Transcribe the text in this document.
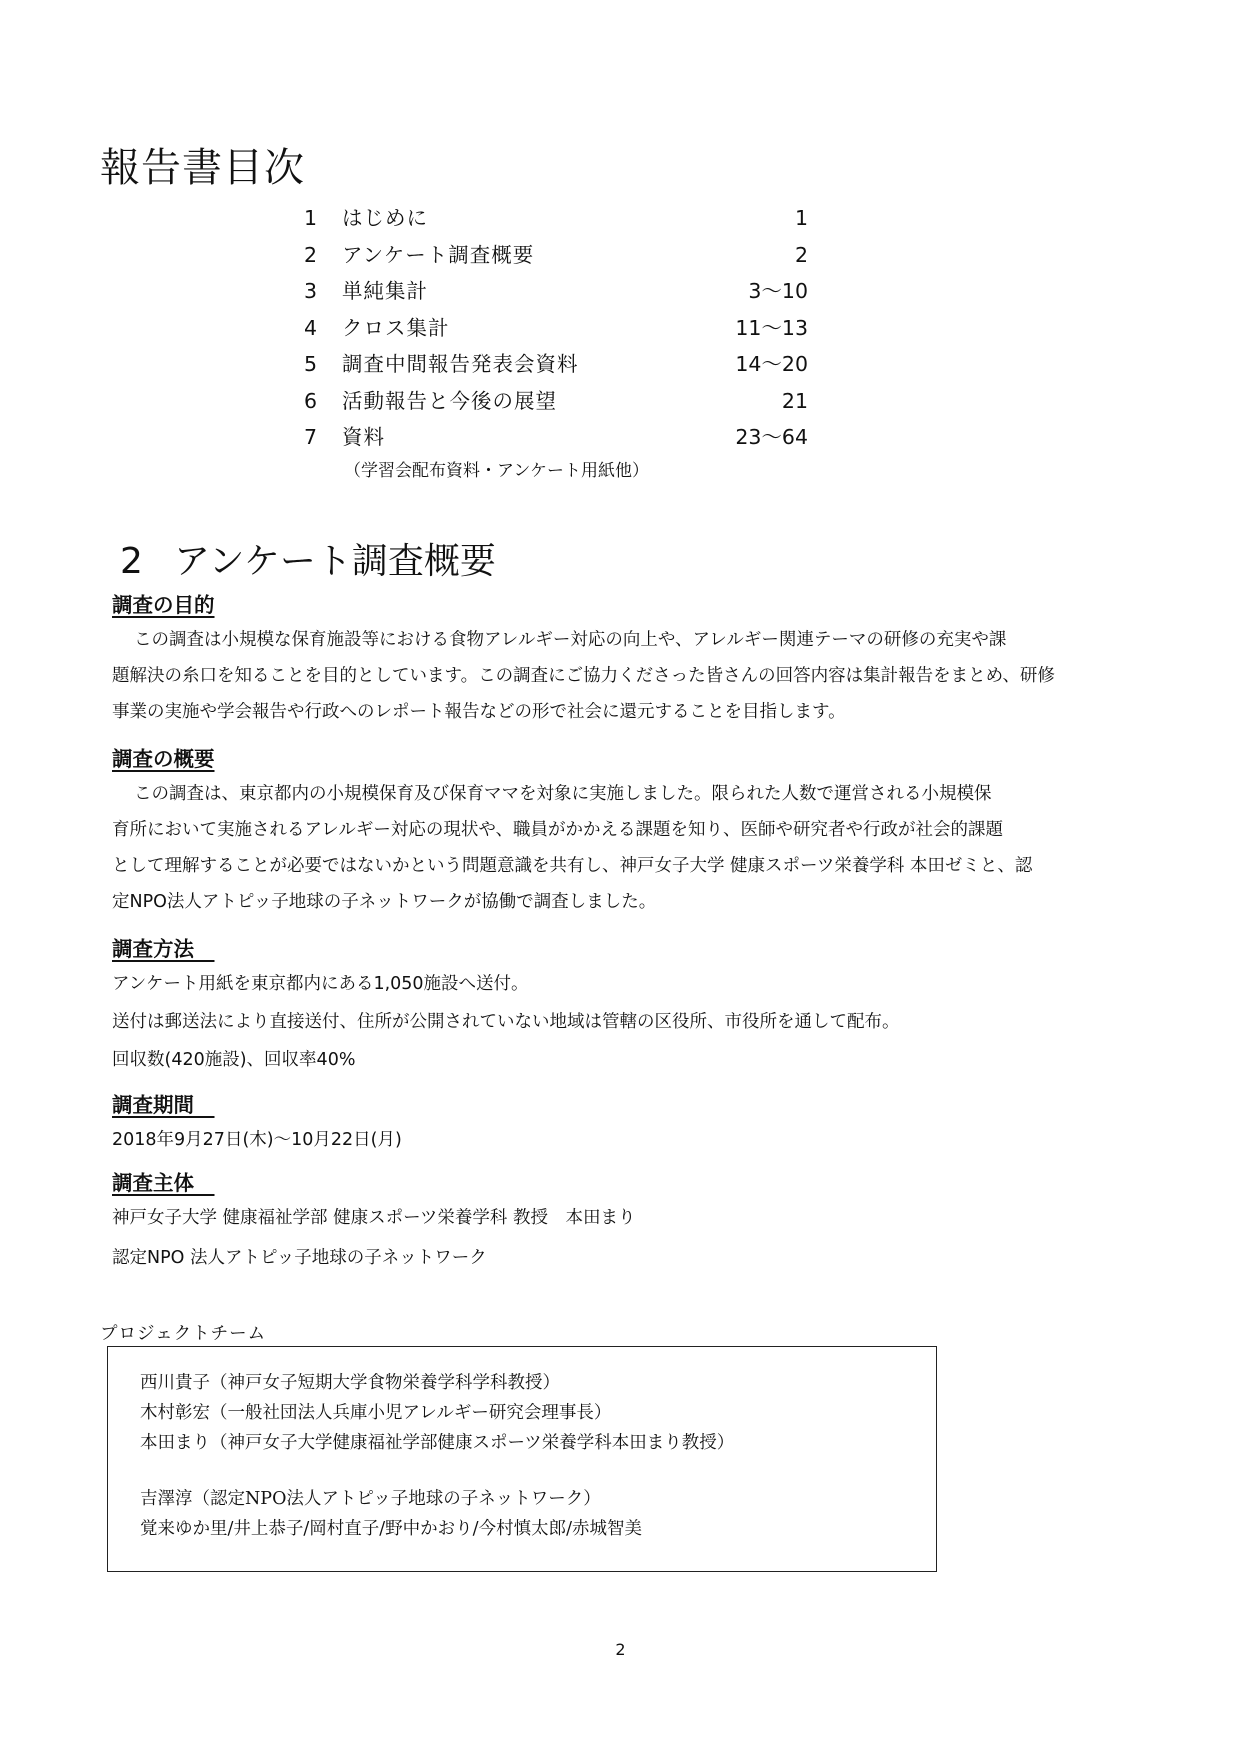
報告書目次
1 はじめに	1
2 アンケート調査概要	2
3 単純集計	3～10
4 クロス集計	11～13
5 調査中間報告発表会資料	14～20
6 活動報告と今後の展望	21
7 資料	23～64
（学習会配布資料・アンケート用紙他）
2 アンケート調査概要
調査の目的
この調査は小規模な保育施設等における食物アレルギー対応の向上や、アレルギー関連テーマの研修の充実や課
題解決の糸口を知ることを目的としています。この調査にご協力くださった皆さんの回答内容は集計報告をまとめ、研修
事業の実施や学会報告や行政へのレポート報告などの形で社会に還元することを目指します。
調査の概要
この調査は、東京都内の小規模保育及び保育ママを対象に実施しました。限られた人数で運営される小規模保
育所において実施されるアレルギー対応の現状や、職員がかかえる課題を知り、医師や研究者や行政が社会的課題
として理解することが必要ではないかという問題意識を共有し、神戸女子大学 健康スポーツ栄養学科 本田ゼミと、認
定NPO法人アトピッ子地球の子ネットワークが協働で調査しました。
調査方法　
アンケート用紙を東京都内にある1,050施設へ送付。
送付は郵送法により直接送付、住所が公開されていない地域は管轄の区役所、市役所を通して配布。
回収数(420施設)、回収率40%
調査期間　
2018年9月27日(木)～10月22日(月)
調査主体　
神戸女子大学 健康福祉学部 健康スポーツ栄養学科 教授　本田まり
認定NPO 法人アトピッ子地球の子ネットワーク
プロジェクトチーム
西川貴子（神戸女子短期大学食物栄養学科学科教授）
木村彰宏（一般社団法人兵庫小児アレルギー研究会理事長）
本田まり（神戸女子大学健康福祉学部健康スポーツ栄養学科本田まり教授）
吉澤淳（認定NPO法人アトピッ子地球の子ネットワーク）
覚来ゆか里/井上恭子/岡村直子/野中かおり/今村慎太郎/赤城智美
2
